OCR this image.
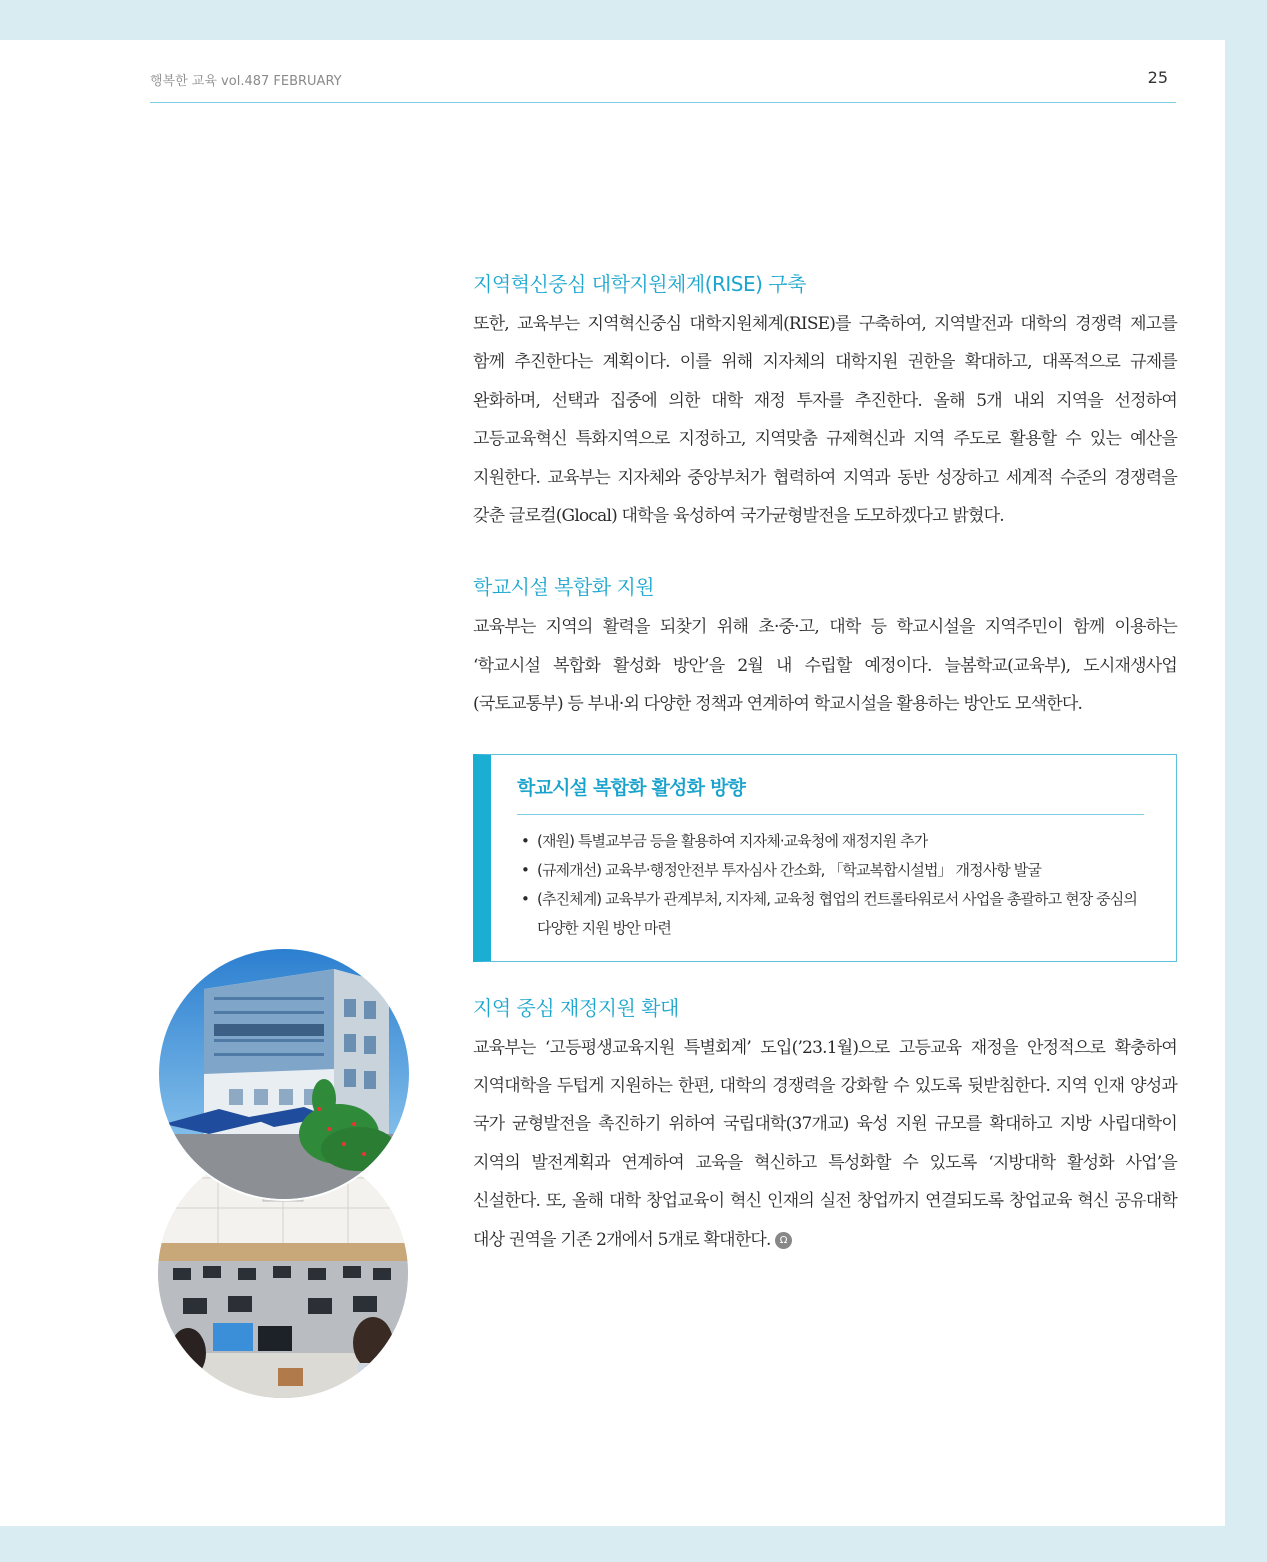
행복한 교육 vol.487 FEBRUARY	25
지역혁신중심 대학지원체계(RISE) 구축

또한, 교육부는 지역혁신중심 대학지원체계(RISE)를 구축하여, 지역발전과 대학의 경쟁력 제고를 함께 추진한다는 계획이다. 이를 위해 지자체의 대학지원 권한을 확대하고, 대폭적으로 규제를 완화하며, 선택과 집중에 의한 대학 재정 투자를 추진한다. 올해 5개 내외 지역을 선정하여 고등교육혁신 특화지역으로 지정하고, 지역맞춤 규제혁신과 지역 주도로 활용할 수 있는 예산을 지원한다. 교육부는 지자체와 중앙부처가 협력하여 지역과 동반 성장하고 세계적 수준의 경쟁력을 갖춘 글로컬(Glocal) 대학을 육성하여 국가균형발전을 도모하겠다고 밝혔다.

학교시설 복합화 지원

교육부는 지역의 활력을 되찾기 위해 초·중·고, 대학 등 학교시설을 지역주민이 함께 이용하는 ‘학교시설 복합화 활성화 방안’을 2월 내 수립할 예정이다. 늘봄학교(교육부), 도시재생사업(국토교통부) 등 부내·외 다양한 정책과 연계하여 학교시설을 활용하는 방안도 모색한다.

학교시설 복합화 활성화 방향
• (재원) 특별교부금 등을 활용하여 지자체·교육청에 재정지원 추가
• (규제개선) 교육부·행정안전부 투자심사 간소화, 「학교복합시설법」 개정사항 발굴
• (추진체계) 교육부가 관계부처, 지자체, 교육청 협업의 컨트롤타워로서 사업을 총괄하고 현장 중심의 다양한 지원 방안 마련
지역 중심 재정지원 확대

교육부는 ‘고등평생교육지원 특별회계’ 도입(’23.1월)으로 고등교육 재정을 안정적으로 확충하여 지역대학을 두텁게 지원하는 한편, 대학의 경쟁력을 강화할 수 있도록 뒷받침한다. 지역 인재 양성과 국가 균형발전을 촉진하기 위하여 국립대학(37개교) 육성 지원 규모를 확대하고 지방 사립대학이 지역의 발전계획과 연계하여 교육을 혁신하고 특성화할 수 있도록 ‘지방대학 활성화 사업’을 신설한다. 또, 올해 대학 창업교육이 혁신 인재의 실전 창업까지 연결되도록 창업교육 혁신 공유대학 대상 권역을 기존 2개에서 5개로 확대한다. Ω
